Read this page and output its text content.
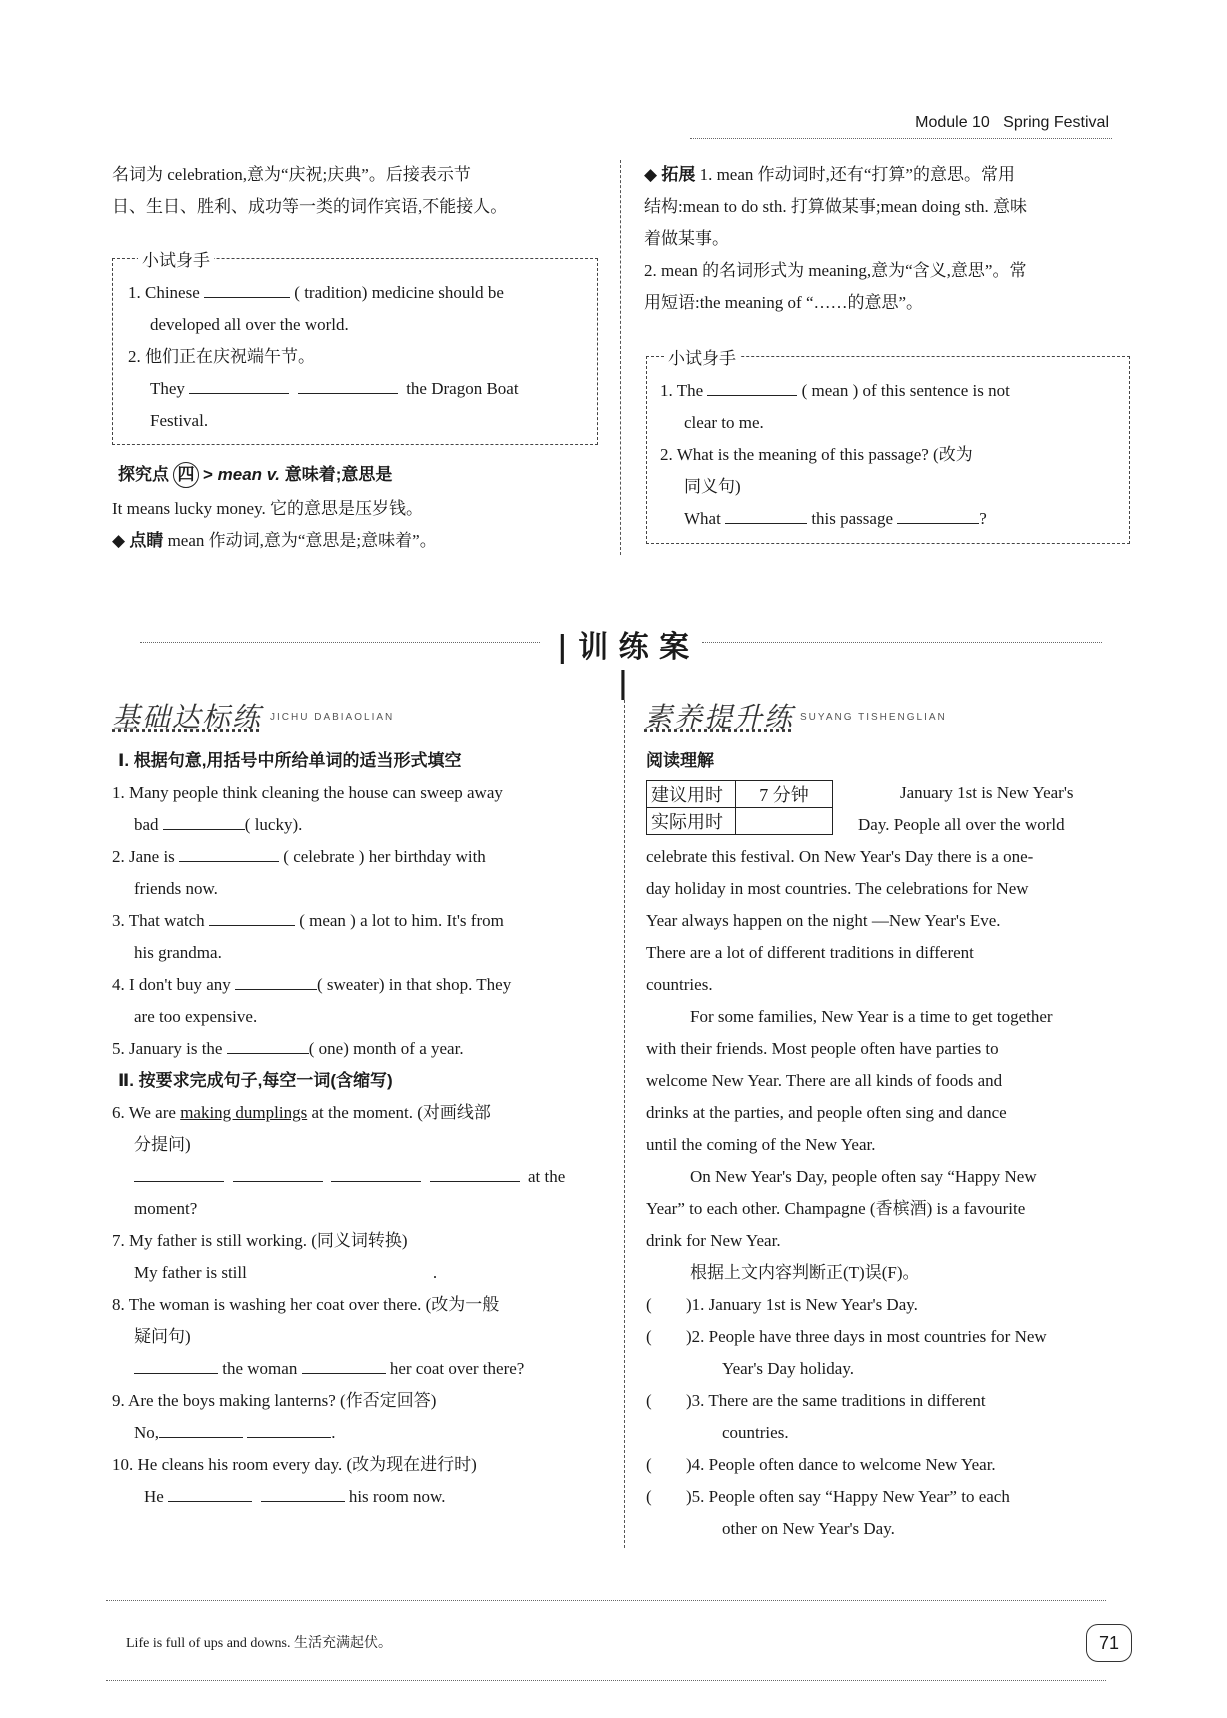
Module 10 Spring Festival
名词为 celebration,意为“庆祝;庆典”。后接表示节
日、生日、胜利、成功等一类的词作宾语,不能接人。
小试身手
1. Chinese	( tradition) medicine should be
developed all over the world.
2. 他们正在庆祝端午节。
They	the Dragon Boat
Festival.
探究点 四 > mean v. 意味着;意思是
It means lucky money. 它的意思是压岁钱。
◆ 点睛 mean 作动词,意为“意思是;意味着”。
◆ 拓展 1. mean 作动词时,还有“打算”的意思。常用
结构:mean to do sth. 打算做某事;mean doing sth. 意味
着做某事。
2. mean 的名词形式为 meaning,意为“含义,意思”。常
用短语:the meaning of “……的意思”。
小试身手
1. The	( mean ) of this sentence is not
clear to me.
2. What is the meaning of this passage? (改为
同义句)
What	this passage	?
| 训 练 案 |
基础达标练 JICHU DABIAOLIAN
Ⅰ. 根据句意,用括号中所给单词的适当形式填空
1. Many people think cleaning the house can sweep away
bad	( lucky).
2. Jane is	( celebrate ) her birthday with
friends now.
3. That watch	( mean ) a lot to him. It's from
his grandma.
4. I don't buy any	( sweater) in that shop. They
are too expensive.
5. January is the	( one) month of a year.
Ⅱ. 按要求完成句子,每空一词(含缩写)
6. We are making dumplings at the moment. (对画线部
分提问)
at the
moment?
7. My father is still working. (同义词转换)
My father is still	.
8. The woman is washing her coat over there. (改为一般
疑问句)
the woman	her coat over there?
9. Are the boys making lanterns? (作否定回答)
No,	.
10. He cleans his room every day. (改为现在进行时)
He	his room now.
素养提升练 SUYANG TISHENGLIAN
阅读理解
建议用时	7 分钟
实际用时	
January 1st is New Year's
Day. People all over the world
celebrate this festival. On New Year's Day there is a one-
day holiday in most countries. The celebrations for New
Year always happen on the night —New Year's Eve.
There are a lot of different traditions in different
countries.
For some families, New Year is a time to get together
with their friends. Most people often have parties to
welcome New Year. There are all kinds of foods and
drinks at the parties, and people often sing and dance
until the coming of the New Year.
On New Year's Day, people often say “Happy New
Year” to each other. Champagne (香槟酒) is a favourite
drink for New Year.
根据上文内容判断正(T)误(F)。
( )1. January 1st is New Year's Day.
( )2. People have three days in most countries for New
Year's Day holiday.
( )3. There are the same traditions in different
countries.
( )4. People often dance to welcome New Year.
( )5. People often say “Happy New Year” to each
other on New Year's Day.
Life is full of ups and downs. 生活充满起伏。	71
